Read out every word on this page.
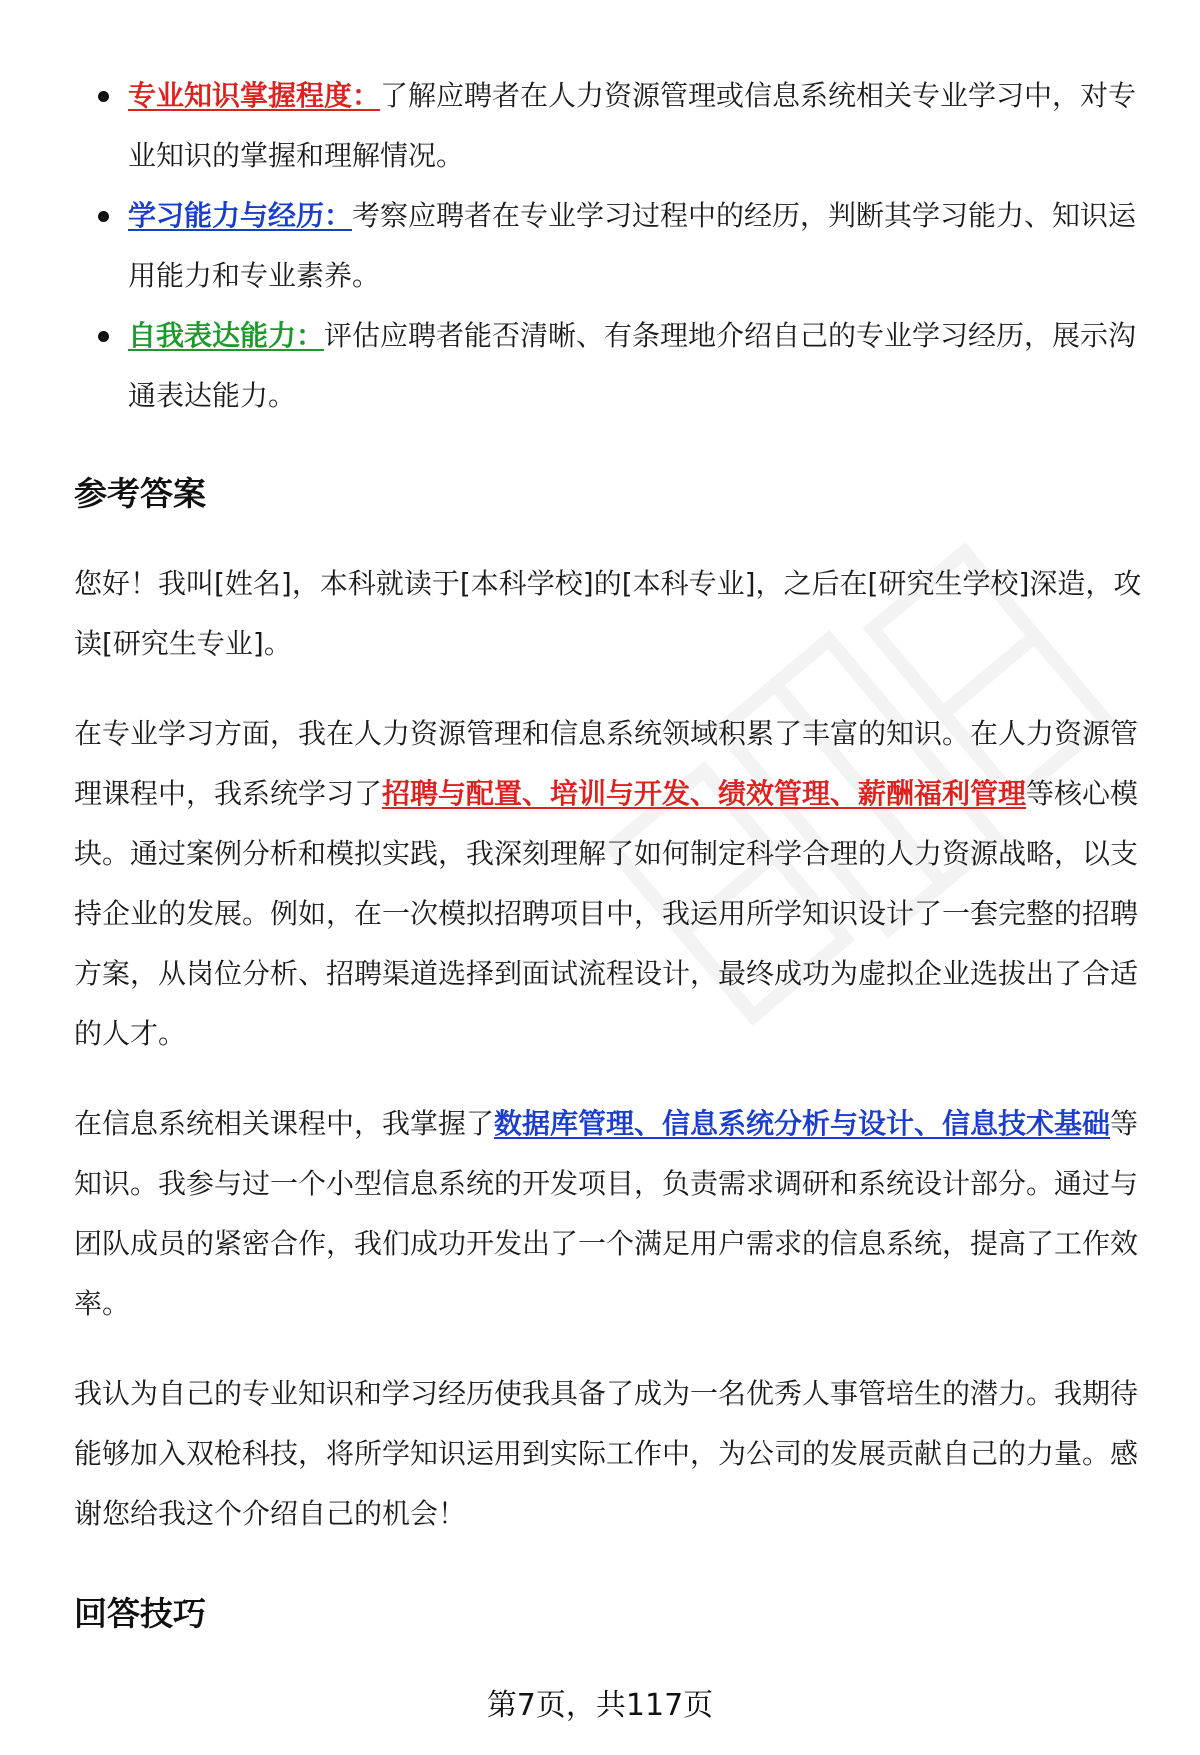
专业知识掌握程度：了解应聘者在人力资源管理或信息系统相关专业学习中，对专业知识的掌握和理解情况。
学习能力与经历：考察应聘者在专业学习过程中的经历，判断其学习能力、知识运用能力和专业素养。
自我表达能力：评估应聘者能否清晰、有条理地介绍自己的专业学习经历，展示沟通表达能力。
参考答案

您好！我叫[姓名]，本科就读于[本科学校]的[本科专业]，之后在[研究生学校]深造，攻读[研究生专业]。

在专业学习方面，我在人力资源管理和信息系统领域积累了丰富的知识。在人力资源管理课程中，我系统学习了招聘与配置、培训与开发、绩效管理、薪酬福利管理等核心模块。通过案例分析和模拟实践，我深刻理解了如何制定科学合理的人力资源战略，以支持企业的发展。例如，在一次模拟招聘项目中，我运用所学知识设计了一套完整的招聘方案，从岗位分析、招聘渠道选择到面试流程设计，最终成功为虚拟企业选拔出了合适的人才。

在信息系统相关课程中，我掌握了数据库管理、信息系统分析与设计、信息技术基础等知识。我参与过一个小型信息系统的开发项目，负责需求调研和系统设计部分。通过与团队成员的紧密合作，我们成功开发出了一个满足用户需求的信息系统，提高了工作效率。

我认为自己的专业知识和学习经历使我具备了成为一名优秀人事管培生的潜力。我期待能够加入双枪科技，将所学知识运用到实际工作中，为公司的发展贡献自己的力量。感谢您给我这个介绍自己的机会！

回答技巧
第7页，共117页
